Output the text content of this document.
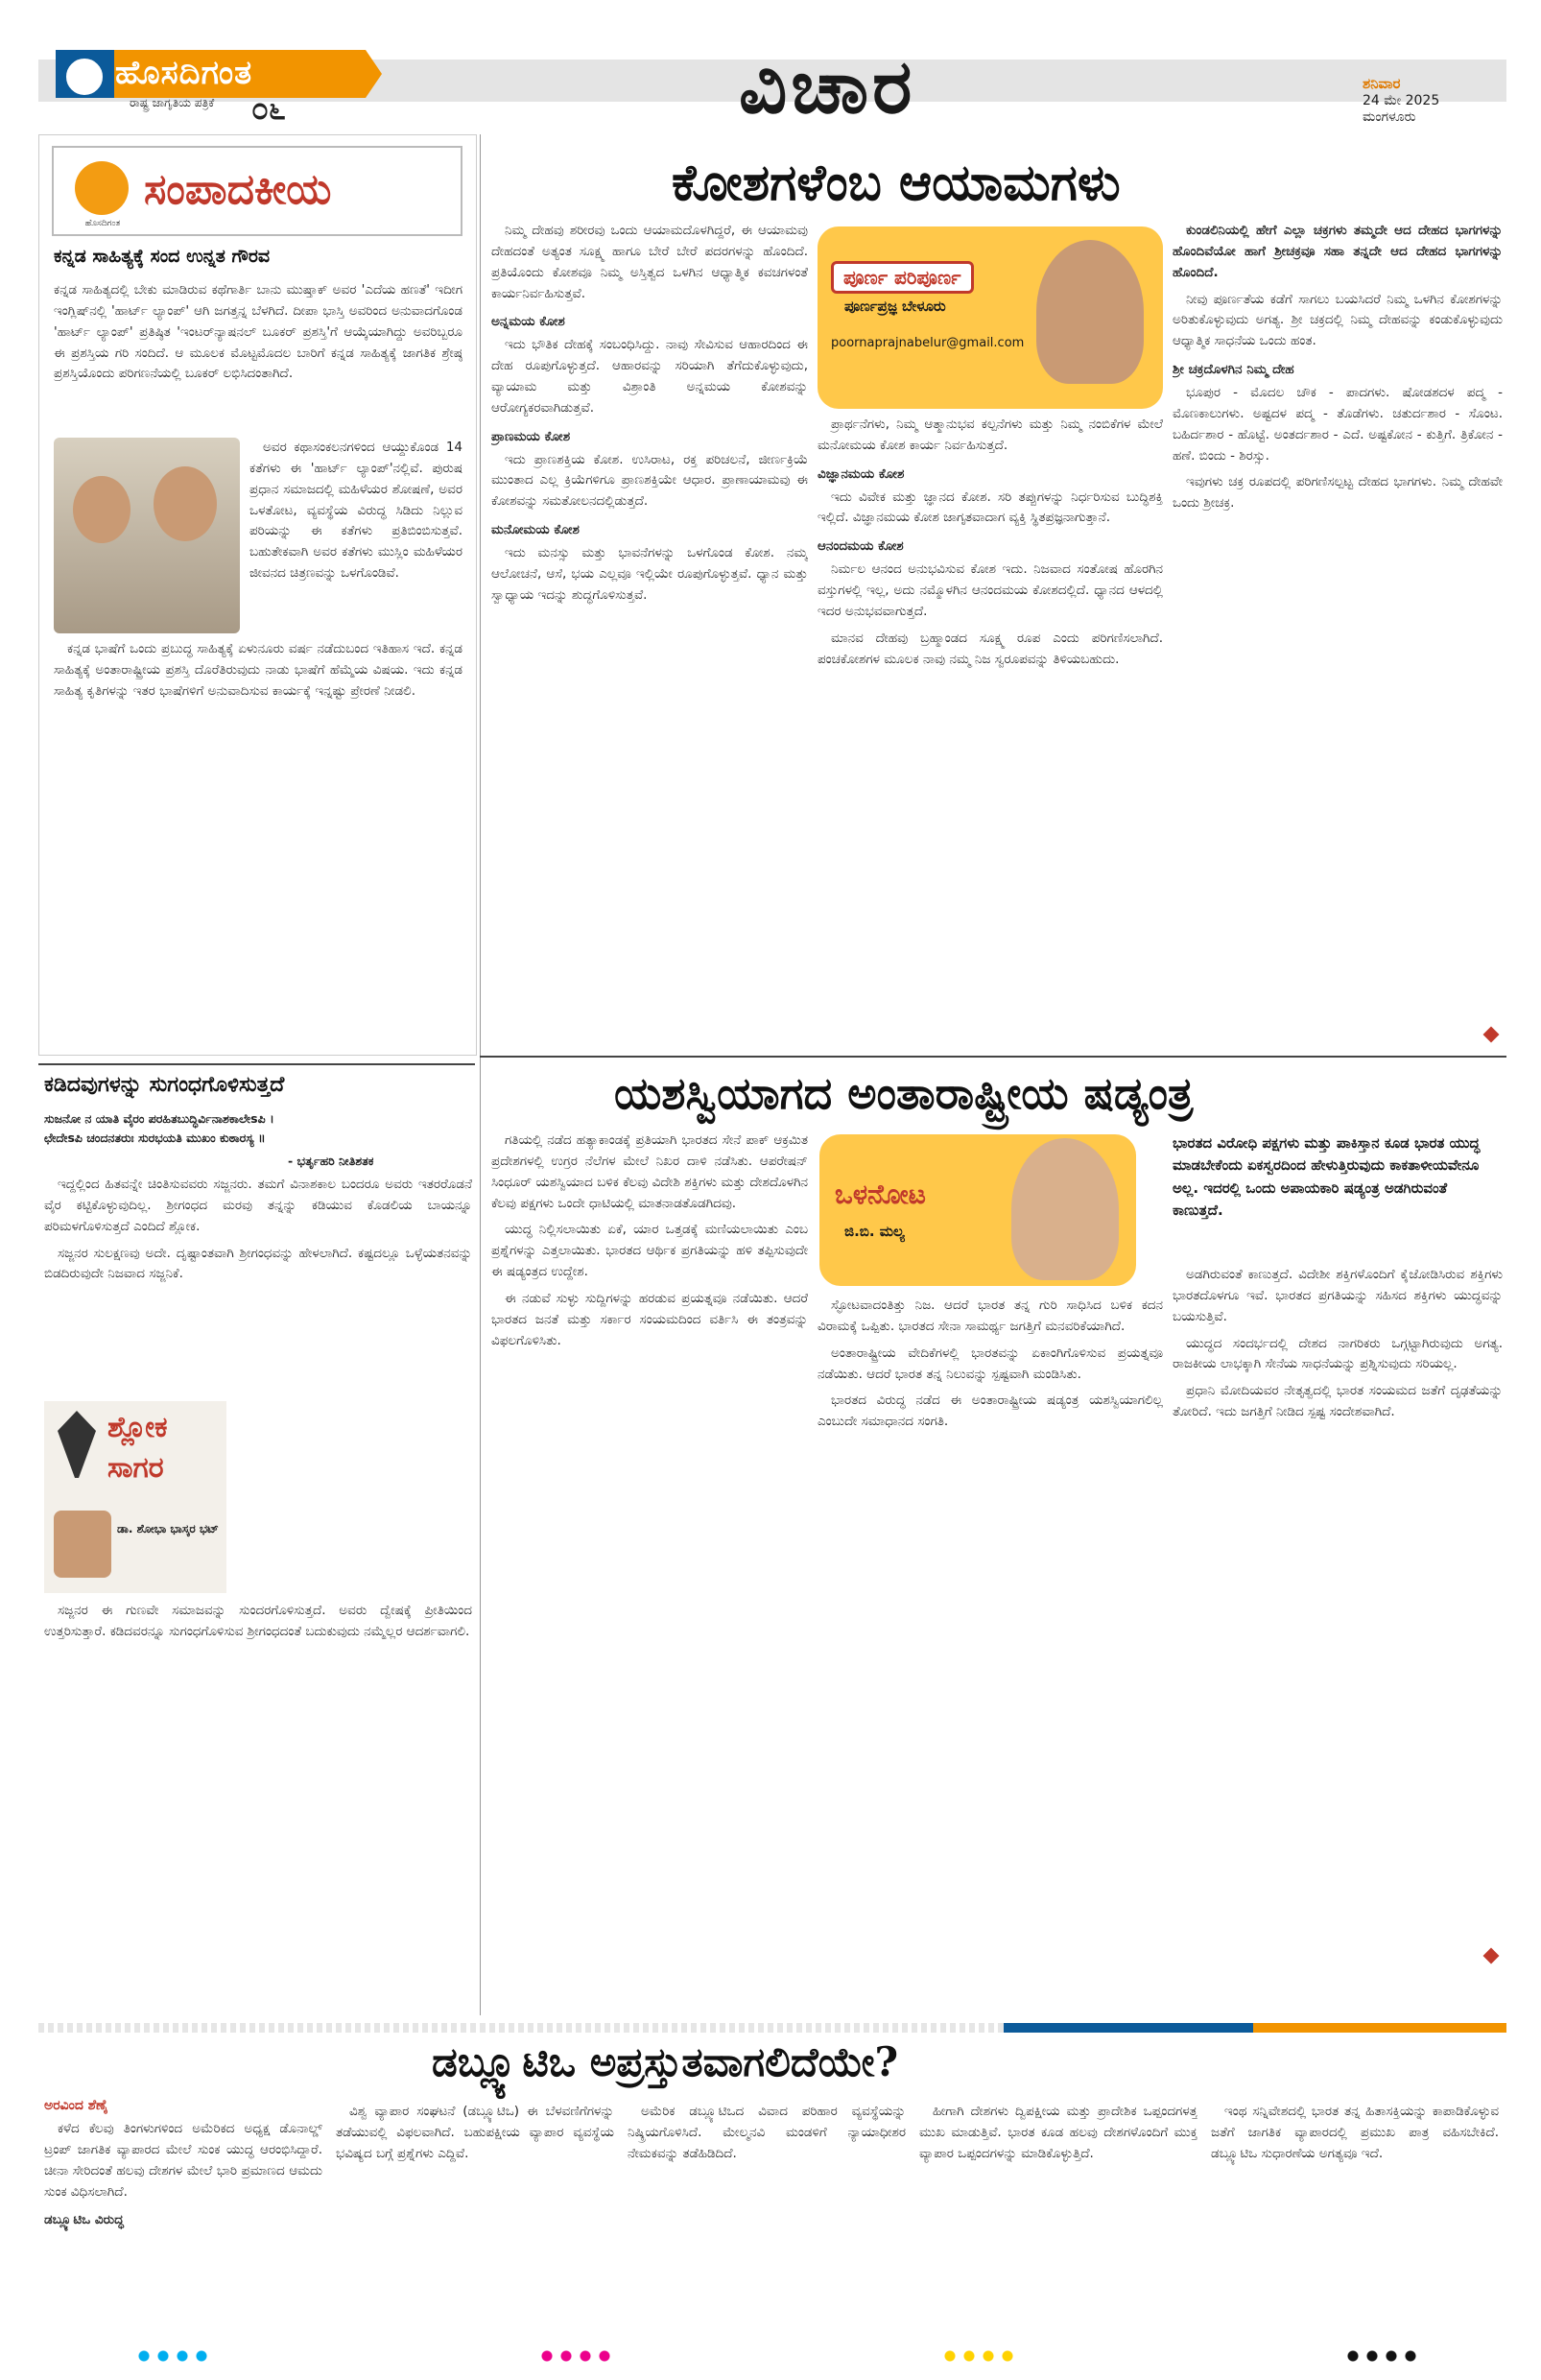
ಹೊಸದಿಗಂತ
ರಾಷ್ಟ್ರ ಜಾಗೃತಿಯ ಪತ್ರಿಕೆ ೦೬	ವಿಚಾರ	ಶನಿವಾರ
24 ಮೇ 2025
ಮಂಗಳೂರು
ಹೊಸದಿಗಂತ
ಸಂಪಾದಕೀಯ
ಕನ್ನಡ ಸಾಹಿತ್ಯಕ್ಕೆ ಸಂದ ಉನ್ನತ ಗೌರವ

ಕನ್ನಡ ಸಾಹಿತ್ಯದಲ್ಲಿ ಬೇಕು ಮಾಡಿರುವ ಕಥೆಗಾರ್ತಿ ಬಾನು ಮುಷ್ತಾಕ್ ಅವರ 'ಎದೆಯ ಹಣತೆ' ಇದೀಗ ಇಂಗ್ಲಿಷ್‌ನಲ್ಲಿ 'ಹಾರ್ಟ್ ಲ್ಯಾಂಪ್' ಆಗಿ ಜಗತ್ತನ್ನ ಬೆಳಗಿದೆ. ದೀಪಾ ಭಾಸ್ತಿ ಅವರಿಂದ ಅನುವಾದಗೊಂಡ 'ಹಾರ್ಟ್ ಲ್ಯಾಂಪ್' ಪ್ರತಿಷ್ಠಿತ 'ಇಂಟರ್‌ನ್ಯಾಷನಲ್ ಬೂಕರ್ ಪ್ರಶಸ್ತಿ'ಗೆ ಆಯ್ಕೆಯಾಗಿದ್ದು ಅವರಿಬ್ಬರೂ ಈ ಪ್ರಶಸ್ತಿಯ ಗರಿ ಸಂದಿದೆ. ಆ ಮೂಲಕ ಮೊಟ್ಟಮೊದಲ ಬಾರಿಗೆ ಕನ್ನಡ ಸಾಹಿತ್ಯಕ್ಕೆ ಜಾಗತಿಕ ಶ್ರೇಷ್ಠ ಪ್ರಶಸ್ತಿಯೊಂದು ಪರಿಗಣನೆಯಲ್ಲಿ ಬೂಕರ್ ಲಭಿಸಿದಂತಾಗಿದೆ.

ಅವರ ಕಥಾಸಂಕಲನಗಳಿಂದ ಆಯ್ದುಕೊಂಡ 14 ಕತೆಗಳು ಈ 'ಹಾರ್ಟ್ ಲ್ಯಾಂಪ್'ನಲ್ಲಿವೆ. ಪುರುಷ ಪ್ರಧಾನ ಸಮಾಜದಲ್ಲಿ ಮಹಿಳೆಯರ ಶೋಷಣೆ, ಅವರ ಒಳತೋಟ, ವ್ಯವಸ್ಥೆಯ ವಿರುದ್ಧ ಸಿಡಿದು ನಿಲ್ಲುವ ಪರಿಯನ್ನು ಈ ಕತೆಗಳು ಪ್ರತಿಬಿಂಬಿಸುತ್ತವೆ. ಬಹುತೇಕವಾಗಿ ಅವರ ಕತೆಗಳು ಮುಸ್ಲಿಂ ಮಹಿಳೆಯರ ಜೀವನದ ಚಿತ್ರಣವನ್ನು ಒಳಗೊಂಡಿವೆ.

ಕನ್ನಡ ಭಾಷೆಗೆ ಒಂದು ಪ್ರಬುದ್ಧ ಸಾಹಿತ್ಯಕ್ಕೆ ಏಳುನೂರು ವರ್ಷ ನಡೆದುಬಂದ ಇತಿಹಾಸ ಇದೆ. ಕನ್ನಡ ಸಾಹಿತ್ಯಕ್ಕೆ ಅಂತಾರಾಷ್ಟ್ರೀಯ ಪ್ರಶಸ್ತಿ ದೊರೆತಿರುವುದು ನಾಡು ಭಾಷೆಗೆ ಹೆಮ್ಮೆಯ ವಿಷಯ. ಇದು ಕನ್ನಡ ಸಾಹಿತ್ಯ ಕೃತಿಗಳನ್ನು ಇತರ ಭಾಷೆಗಳಿಗೆ ಅನುವಾದಿಸುವ ಕಾರ್ಯಕ್ಕೆ ಇನ್ನಷ್ಟು ಪ್ರೇರಣೆ ನೀಡಲಿ.

ಕೋಶಗಳೆಂಬ ಆಯಾಮಗಳು

ನಿಮ್ಮ ದೇಹವು ಶರೀರವು ಒಂದು ಆಯಾಮದೊಳಗಿದ್ದರೆ, ಈ ಆಯಾಮವು ದೇಹದಂತೆ ಅತ್ಯಂತ ಸೂಕ್ಷ್ಮ ಹಾಗೂ ಬೇರೆ ಬೇರೆ ಪದರಗಳನ್ನು ಹೊಂದಿದೆ. ಪ್ರತಿಯೊಂದು ಕೋಶವೂ ನಿಮ್ಮ ಅಸ್ತಿತ್ವದ ಒಳಗಿನ ಆಧ್ಯಾತ್ಮಿಕ ಕವಚಗಳಂತೆ ಕಾರ್ಯನಿರ್ವಹಿಸುತ್ತವೆ.

ಅನ್ನಮಯ ಕೋಶ

ಇದು ಭೌತಿಕ ದೇಹಕ್ಕೆ ಸಂಬಂಧಿಸಿದ್ದು. ನಾವು ಸೇವಿಸುವ ಆಹಾರದಿಂದ ಈ ದೇಹ ರೂಪುಗೊಳ್ಳುತ್ತದೆ. ಆಹಾರವನ್ನು ಸರಿಯಾಗಿ ತೆಗೆದುಕೊಳ್ಳುವುದು, ವ್ಯಾಯಾಮ ಮತ್ತು ವಿಶ್ರಾಂತಿ ಅನ್ನಮಯ ಕೋಶವನ್ನು ಆರೋಗ್ಯಕರವಾಗಿಡುತ್ತವೆ.

ಪ್ರಾಣಮಯ ಕೋಶ

ಇದು ಪ್ರಾಣಶಕ್ತಿಯ ಕೋಶ. ಉಸಿರಾಟ, ರಕ್ತ ಪರಿಚಲನೆ, ಜೀರ್ಣಕ್ರಿಯೆ ಮುಂತಾದ ಎಲ್ಲ ಕ್ರಿಯೆಗಳಿಗೂ ಪ್ರಾಣಶಕ್ತಿಯೇ ಆಧಾರ. ಪ್ರಾಣಾಯಾಮವು ಈ ಕೋಶವನ್ನು ಸಮತೋಲನದಲ್ಲಿಡುತ್ತದೆ.

ಮನೋಮಯ ಕೋಶ

ಇದು ಮನಸ್ಸು ಮತ್ತು ಭಾವನೆಗಳನ್ನು ಒಳಗೊಂಡ ಕೋಶ. ನಮ್ಮ ಆಲೋಚನೆ, ಆಸೆ, ಭಯ ಎಲ್ಲವೂ ಇಲ್ಲಿಯೇ ರೂಪುಗೊಳ್ಳುತ್ತವೆ. ಧ್ಯಾನ ಮತ್ತು ಸ್ವಾಧ್ಯಾಯ ಇದನ್ನು ಶುದ್ಧಗೊಳಿಸುತ್ತವೆ.

ಪೂರ್ಣ ಪರಿಪೂರ್ಣ
ಪೂರ್ಣಪ್ರಜ್ಞ ಬೇಳೂರು
poornaprajnabelur@gmail.com

ಪ್ರಾರ್ಥನೆಗಳು, ನಿಮ್ಮ ಆತ್ಮಾನುಭವ ಕಲ್ಪನೆಗಳು ಮತ್ತು ನಿಮ್ಮ ನಂಬಿಕೆಗಳ ಮೇಲೆ ಮನೋಮಯ ಕೋಶ ಕಾರ್ಯ ನಿರ್ವಹಿಸುತ್ತದೆ.

ವಿಜ್ಞಾನಮಯ ಕೋಶ

ಇದು ವಿವೇಕ ಮತ್ತು ಜ್ಞಾನದ ಕೋಶ. ಸರಿ ತಪ್ಪುಗಳನ್ನು ನಿರ್ಧರಿಸುವ ಬುದ್ಧಿಶಕ್ತಿ ಇಲ್ಲಿದೆ. ವಿಜ್ಞಾನಮಯ ಕೋಶ ಜಾಗೃತವಾದಾಗ ವ್ಯಕ್ತಿ ಸ್ಥಿತಪ್ರಜ್ಞನಾಗುತ್ತಾನೆ.

ಆನಂದಮಯ ಕೋಶ

ನಿರ್ಮಲ ಆನಂದ ಅನುಭವಿಸುವ ಕೋಶ ಇದು. ನಿಜವಾದ ಸಂತೋಷ ಹೊರಗಿನ ವಸ್ತುಗಳಲ್ಲಿ ಇಲ್ಲ, ಅದು ನಮ್ಮೊಳಗಿನ ಆನಂದಮಯ ಕೋಶದಲ್ಲಿದೆ. ಧ್ಯಾನದ ಆಳದಲ್ಲಿ ಇದರ ಅನುಭವವಾಗುತ್ತದೆ.

ಮಾನವ ದೇಹವು ಬ್ರಹ್ಮಾಂಡದ ಸೂಕ್ಷ್ಮ ರೂಪ ಎಂದು ಪರಿಗಣಿಸಲಾಗಿದೆ. ಪಂಚಕೋಶಗಳ ಮೂಲಕ ನಾವು ನಮ್ಮ ನಿಜ ಸ್ವರೂಪವನ್ನು ತಿಳಿಯಬಹುದು.

ಕುಂಡಲಿನಿಯಲ್ಲಿ ಹೇಗೆ ಎಲ್ಲಾ ಚಕ್ರಗಳು ತಮ್ಮದೇ ಆದ ದೇಹದ ಭಾಗಗಳನ್ನು ಹೊಂದಿವೆಯೋ ಹಾಗೆ ಶ್ರೀಚಕ್ರವೂ ಸಹಾ ತನ್ನದೇ ಆದ ದೇಹದ ಭಾಗಗಳನ್ನು ಹೊಂದಿದೆ.

ನೀವು ಪೂರ್ಣತೆಯ ಕಡೆಗೆ ಸಾಗಲು ಬಯಸಿದರೆ ನಿಮ್ಮ ಒಳಗಿನ ಕೋಶಗಳನ್ನು ಅರಿತುಕೊಳ್ಳುವುದು ಅಗತ್ಯ. ಶ್ರೀ ಚಕ್ರದಲ್ಲಿ ನಿಮ್ಮ ದೇಹವನ್ನು ಕಂಡುಕೊಳ್ಳುವುದು ಆಧ್ಯಾತ್ಮಿಕ ಸಾಧನೆಯ ಒಂದು ಹಂತ.

ಶ್ರೀ ಚಕ್ರದೊಳಗಿನ ನಿಮ್ಮ ದೇಹ

ಭೂಪುರ - ಮೊದಲ ಚೌಕ - ಪಾದಗಳು. ಷೋಡಶದಳ ಪದ್ಮ - ಮೊಣಕಾಲುಗಳು. ಅಷ್ಟದಳ ಪದ್ಮ - ತೊಡೆಗಳು. ಚತುರ್ದಶಾರ - ಸೊಂಟ. ಬಹಿರ್ದಶಾರ - ಹೊಟ್ಟೆ. ಅಂತರ್ದಶಾರ - ಎದೆ. ಅಷ್ಟಕೋನ - ಕುತ್ತಿಗೆ. ತ್ರಿಕೋನ - ಹಣೆ. ಬಿಂದು - ಶಿರಸ್ಸು.

ಇವುಗಳು ಚಕ್ರ ರೂಪದಲ್ಲಿ ಪರಿಗಣಿಸಲ್ಪಟ್ಟ ದೇಹದ ಭಾಗಗಳು. ನಿಮ್ಮ ದೇಹವೇ ಒಂದು ಶ್ರೀಚಕ್ರ.

ಯಶಸ್ವಿಯಾಗದ ಅಂತಾರಾಷ್ಟ್ರೀಯ ಷಡ್ಯಂತ್ರ

ಗತಿಯಲ್ಲಿ ನಡೆದ ಹತ್ಯಾಕಾಂಡಕ್ಕೆ ಪ್ರತಿಯಾಗಿ ಭಾರತದ ಸೇನೆ ಪಾಕ್ ಆಕ್ರಮಿತ ಪ್ರದೇಶಗಳಲ್ಲಿ ಉಗ್ರರ ನೆಲೆಗಳ ಮೇಲೆ ನಿಖರ ದಾಳಿ ನಡೆಸಿತು. ಆಪರೇಷನ್ ಸಿಂಧೂರ್ ಯಶಸ್ವಿಯಾದ ಬಳಿಕ ಕೆಲವು ವಿದೇಶಿ ಶಕ್ತಿಗಳು ಮತ್ತು ದೇಶದೊಳಗಿನ ಕೆಲವು ಪಕ್ಷಗಳು ಒಂದೇ ಧಾಟಿಯಲ್ಲಿ ಮಾತನಾಡತೊಡಗಿದವು.

ಯುದ್ಧ ನಿಲ್ಲಿಸಲಾಯಿತು ಏಕೆ, ಯಾರ ಒತ್ತಡಕ್ಕೆ ಮಣಿಯಲಾಯಿತು ಎಂಬ ಪ್ರಶ್ನೆಗಳನ್ನು ಎತ್ತಲಾಯಿತು. ಭಾರತದ ಆರ್ಥಿಕ ಪ್ರಗತಿಯನ್ನು ಹಳಿ ತಪ್ಪಿಸುವುದೇ ಈ ಷಡ್ಯಂತ್ರದ ಉದ್ದೇಶ.

ಈ ನಡುವೆ ಸುಳ್ಳು ಸುದ್ದಿಗಳನ್ನು ಹರಡುವ ಪ್ರಯತ್ನವೂ ನಡೆಯಿತು. ಆದರೆ ಭಾರತದ ಜನತೆ ಮತ್ತು ಸರ್ಕಾರ ಸಂಯಮದಿಂದ ವರ್ತಿಸಿ ಈ ತಂತ್ರವನ್ನು ವಿಫಲಗೊಳಿಸಿತು.

ಒಳನೋಟ
ಜಿ.ಬಿ. ಮಲ್ಯ

ಸ್ಫೋಟವಾದಂತಿತ್ತು ನಿಜ. ಆದರೆ ಭಾರತ ತನ್ನ ಗುರಿ ಸಾಧಿಸಿದ ಬಳಿಕ ಕದನ ವಿರಾಮಕ್ಕೆ ಒಪ್ಪಿತು. ಭಾರತದ ಸೇನಾ ಸಾಮರ್ಥ್ಯ ಜಗತ್ತಿಗೆ ಮನವರಿಕೆಯಾಗಿದೆ.

ಅಂತಾರಾಷ್ಟ್ರೀಯ ವೇದಿಕೆಗಳಲ್ಲಿ ಭಾರತವನ್ನು ಏಕಾಂಗಿಗೊಳಿಸುವ ಪ್ರಯತ್ನವೂ ನಡೆಯಿತು. ಆದರೆ ಭಾರತ ತನ್ನ ನಿಲುವನ್ನು ಸ್ಪಷ್ಟವಾಗಿ ಮಂಡಿಸಿತು.

ಭಾರತದ ವಿರುದ್ಧ ನಡೆದ ಈ ಅಂತಾರಾಷ್ಟ್ರೀಯ ಷಡ್ಯಂತ್ರ ಯಶಸ್ವಿಯಾಗಲಿಲ್ಲ ಎಂಬುದೇ ಸಮಾಧಾನದ ಸಂಗತಿ.

ಭಾರತದ ವಿರೋಧಿ ಪಕ್ಷಗಳು ಮತ್ತು ಪಾಕಿಸ್ತಾನ ಕೂಡ ಭಾರತ ಯುದ್ಧ ಮಾಡಬೇಕೆಂದು ಏಕಸ್ವರದಿಂದ ಹೇಳುತ್ತಿರುವುದು ಕಾಕತಾಳೀಯವೇನೂ ಅಲ್ಲ. ಇದರಲ್ಲಿ ಒಂದು ಅಪಾಯಕಾರಿ ಷಡ್ಯಂತ್ರ ಅಡಗಿರುವಂತೆ ಕಾಣುತ್ತದೆ.

ಅಡಗಿರುವಂತೆ ಕಾಣುತ್ತದೆ. ವಿದೇಶೀ ಶಕ್ತಿಗಳೊಂದಿಗೆ ಕೈಜೋಡಿಸಿರುವ ಶಕ್ತಿಗಳು ಭಾರತದೊಳಗೂ ಇವೆ. ಭಾರತದ ಪ್ರಗತಿಯನ್ನು ಸಹಿಸದ ಶಕ್ತಿಗಳು ಯುದ್ಧವನ್ನು ಬಯಸುತ್ತಿವೆ.

ಯುದ್ಧದ ಸಂದರ್ಭದಲ್ಲಿ ದೇಶದ ನಾಗರಿಕರು ಒಗ್ಗಟ್ಟಾಗಿರುವುದು ಅಗತ್ಯ. ರಾಜಕೀಯ ಲಾಭಕ್ಕಾಗಿ ಸೇನೆಯ ಸಾಧನೆಯನ್ನು ಪ್ರಶ್ನಿಸುವುದು ಸರಿಯಲ್ಲ.

ಪ್ರಧಾನಿ ಮೋದಿಯವರ ನೇತೃತ್ವದಲ್ಲಿ ಭಾರತ ಸಂಯಮದ ಜತೆಗೆ ದೃಢತೆಯನ್ನು ತೋರಿದೆ. ಇದು ಜಗತ್ತಿಗೆ ನೀಡಿದ ಸ್ಪಷ್ಟ ಸಂದೇಶವಾಗಿದೆ.

ಕಡಿದವುಗಳನ್ನು ಸುಗಂಧಗೊಳಿಸುತ್ತದೆ
ಸುಜನೋ ನ ಯಾತಿ ವೈರಂ ಪರಹಿತಬುದ್ಧಿರ್ವಿನಾಶಕಾಲೇsಪಿ ।
ಛೇದೇsಪಿ ಚಂದನತರುಃ ಸುರಭಯತಿ ಮುಖಂ ಕುಠಾರಸ್ಯ ॥
- ಭರ್ತೃಹರಿ ನೀತಿಶತಕ

ಇದ್ದಲ್ಲಿಂದ ಹಿತವನ್ನೇ ಚಿಂತಿಸುವವರು ಸಜ್ಜನರು. ತಮಗೆ ವಿನಾಶಕಾಲ ಬಂದರೂ ಅವರು ಇತರರೊಡನೆ ವೈರ ಕಟ್ಟಿಕೊಳ್ಳುವುದಿಲ್ಲ. ಶ್ರೀಗಂಧದ ಮರವು ತನ್ನನ್ನು ಕಡಿಯುವ ಕೊಡಲಿಯ ಬಾಯನ್ನೂ ಪರಿಮಳಗೊಳಿಸುತ್ತದೆ ಎಂದಿದೆ ಶ್ಲೋಕ.

ಸಜ್ಜನರ ಸುಲಕ್ಷಣವು ಅದೇ. ದೃಷ್ಟಾಂತವಾಗಿ ಶ್ರೀಗಂಧವನ್ನು ಹೇಳಲಾಗಿದೆ. ಕಷ್ಟದಲ್ಲೂ ಒಳ್ಳೆಯತನವನ್ನು ಬಿಡದಿರುವುದೇ ನಿಜವಾದ ಸಜ್ಜನಿಕೆ.

ಶ್ಲೋಕ
ಸಾಗರ
ಡಾ. ಶೋಭಾ ಭಾಸ್ಕರ ಭಟ್

ಸಜ್ಜನರ ಈ ಗುಣವೇ ಸಮಾಜವನ್ನು ಸುಂದರಗೊಳಿಸುತ್ತದೆ. ಅವರು ದ್ವೇಷಕ್ಕೆ ಪ್ರೀತಿಯಿಂದ ಉತ್ತರಿಸುತ್ತಾರೆ. ಕಡಿದವರನ್ನೂ ಸುಗಂಧಗೊಳಿಸುವ ಶ್ರೀಗಂಧದಂತೆ ಬದುಕುವುದು ನಮ್ಮೆಲ್ಲರ ಆದರ್ಶವಾಗಲಿ.

ಡಬ್ಲ್ಯೂಟಿಒ ಅಪ್ರಸ್ತುತವಾಗಲಿದೆಯೇ?
ಅರವಿಂದ ಶೆಣೈ

ಕಳೆದ ಕೆಲವು ತಿಂಗಳುಗಳಿಂದ ಅಮೆರಿಕದ ಅಧ್ಯಕ್ಷ ಡೊನಾಲ್ಡ್ ಟ್ರಂಪ್ ಜಾಗತಿಕ ವ್ಯಾಪಾರದ ಮೇಲೆ ಸುಂಕ ಯುದ್ಧ ಆರಂಭಿಸಿದ್ದಾರೆ. ಚೀನಾ ಸೇರಿದಂತೆ ಹಲವು ದೇಶಗಳ ಮೇಲೆ ಭಾರಿ ಪ್ರಮಾಣದ ಆಮದು ಸುಂಕ ವಿಧಿಸಲಾಗಿದೆ.

ಡಬ್ಲ್ಯೂಟಿಒ ವಿರುದ್ಧ

ವಿಶ್ವ ವ್ಯಾಪಾರ ಸಂಘಟನೆ (ಡಬ್ಲ್ಯೂಟಿಒ) ಈ ಬೆಳವಣಿಗೆಗಳನ್ನು ತಡೆಯುವಲ್ಲಿ ವಿಫಲವಾಗಿದೆ. ಬಹುಪಕ್ಷೀಯ ವ್ಯಾಪಾರ ವ್ಯವಸ್ಥೆಯ ಭವಿಷ್ಯದ ಬಗ್ಗೆ ಪ್ರಶ್ನೆಗಳು ಎದ್ದಿವೆ.

ಅಮೆರಿಕ ಡಬ್ಲ್ಯೂಟಿಒದ ವಿವಾದ ಪರಿಹಾರ ವ್ಯವಸ್ಥೆಯನ್ನು ನಿಷ್ಕ್ರಿಯಗೊಳಿಸಿದೆ. ಮೇಲ್ಮನವಿ ಮಂಡಳಿಗೆ ನ್ಯಾಯಾಧೀಶರ ನೇಮಕವನ್ನು ತಡೆಹಿಡಿದಿದೆ.

ಹೀಗಾಗಿ ದೇಶಗಳು ದ್ವಿಪಕ್ಷೀಯ ಮತ್ತು ಪ್ರಾದೇಶಿಕ ಒಪ್ಪಂದಗಳತ್ತ ಮುಖ ಮಾಡುತ್ತಿವೆ. ಭಾರತ ಕೂಡ ಹಲವು ದೇಶಗಳೊಂದಿಗೆ ಮುಕ್ತ ವ್ಯಾಪಾರ ಒಪ್ಪಂದಗಳನ್ನು ಮಾಡಿಕೊಳ್ಳುತ್ತಿದೆ.

ಇಂಥ ಸನ್ನಿವೇಶದಲ್ಲಿ ಭಾರತ ತನ್ನ ಹಿತಾಸಕ್ತಿಯನ್ನು ಕಾಪಾಡಿಕೊಳ್ಳುವ ಜತೆಗೆ ಜಾಗತಿಕ ವ್ಯಾಪಾರದಲ್ಲಿ ಪ್ರಮುಖ ಪಾತ್ರ ವಹಿಸಬೇಕಿದೆ. ಡಬ್ಲ್ಯೂಟಿಒ ಸುಧಾರಣೆಯ ಅಗತ್ಯವೂ ಇದೆ.
